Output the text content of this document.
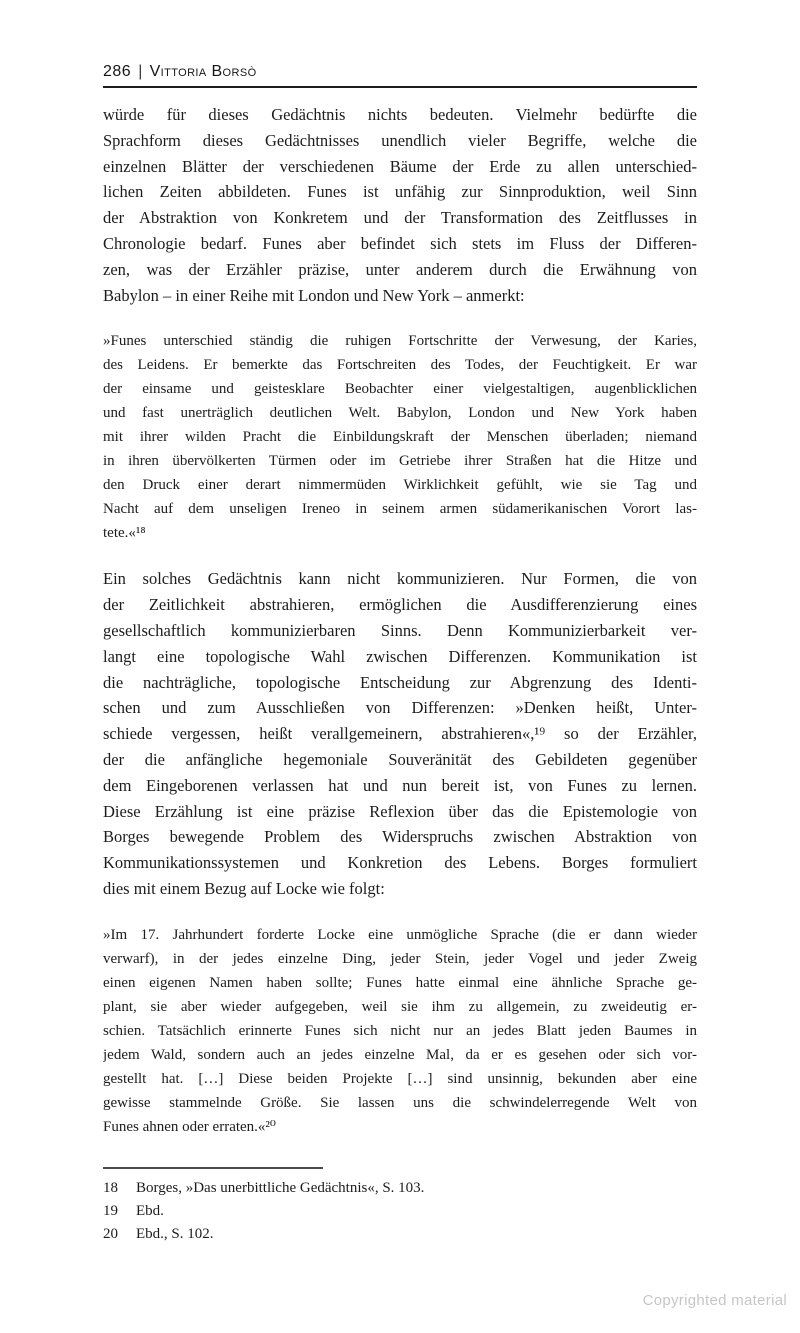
286 | Vittoria Borsò
würde für dieses Gedächtnis nichts bedeuten. Vielmehr bedürfte die
Sprachform dieses Gedächtnisses unendlich vieler Begriffe, welche die
einzelnen Blätter der verschiedenen Bäume der Erde zu allen unterschied-
lichen Zeiten abbildeten. Funes ist unfähig zur Sinnproduktion, weil Sinn
der Abstraktion von Konkretem und der Transformation des Zeitflusses in
Chronologie bedarf. Funes aber befindet sich stets im Fluss der Differen-
zen, was der Erzähler präzise, unter anderem durch die Erwähnung von
Babylon – in einer Reihe mit London und New York – anmerkt:
»Funes unterschied ständig die ruhigen Fortschritte der Verwesung, der Karies,
des Leidens. Er bemerkte das Fortschreiten des Todes, der Feuchtigkeit. Er war
der einsame und geistesklare Beobachter einer vielgestaltigen, augenblicklichen
und fast unerträglich deutlichen Welt. Babylon, London und New York haben
mit ihrer wilden Pracht die Einbildungskraft der Menschen überladen; niemand
in ihren übervölkerten Türmen oder im Getriebe ihrer Straßen hat die Hitze und
den Druck einer derart nimmermüden Wirklichkeit gefühlt, wie sie Tag und
Nacht auf dem unseligen Ireneo in seinem armen südamerikanischen Vorort las-
tete.«¹⁸
Ein solches Gedächtnis kann nicht kommunizieren. Nur Formen, die von
der Zeitlichkeit abstrahieren, ermöglichen die Ausdifferenzierung eines
gesellschaftlich kommunizierbaren Sinns. Denn Kommunizierbarkeit ver-
langt eine topologische Wahl zwischen Differenzen. Kommunikation ist
die nachträgliche, topologische Entscheidung zur Abgrenzung des Identi-
schen und zum Ausschließen von Differenzen: »Denken heißt, Unter-
schiede vergessen, heißt verallgemeinern, abstrahieren«,¹⁹ so der Erzähler,
der die anfängliche hegemoniale Souveränität des Gebildeten gegenüber
dem Eingeborenen verlassen hat und nun bereit ist, von Funes zu lernen.
Diese Erzählung ist eine präzise Reflexion über das die Epistemologie von
Borges bewegende Problem des Widerspruchs zwischen Abstraktion von
Kommunikationssystemen und Konkretion des Lebens. Borges formuliert
dies mit einem Bezug auf Locke wie folgt:
»Im 17. Jahrhundert forderte Locke eine unmögliche Sprache (die er dann wieder
verwarf), in der jedes einzelne Ding, jeder Stein, jeder Vogel und jeder Zweig
einen eigenen Namen haben sollte; Funes hatte einmal eine ähnliche Sprache ge-
plant, sie aber wieder aufgegeben, weil sie ihm zu allgemein, zu zweideutig er-
schien. Tatsächlich erinnerte Funes sich nicht nur an jedes Blatt jeden Baumes in
jedem Wald, sondern auch an jedes einzelne Mal, da er es gesehen oder sich vor-
gestellt hat. […] Diese beiden Projekte […] sind unsinnig, bekunden aber eine
gewisse stammelnde Größe. Sie lassen uns die schwindelerregende Welt von
Funes ahnen oder erraten.«²⁰
18	Borges, »Das unerbittliche Gedächtnis«, S. 103.
19	Ebd.
20	Ebd., S. 102.
Copyrighted material
